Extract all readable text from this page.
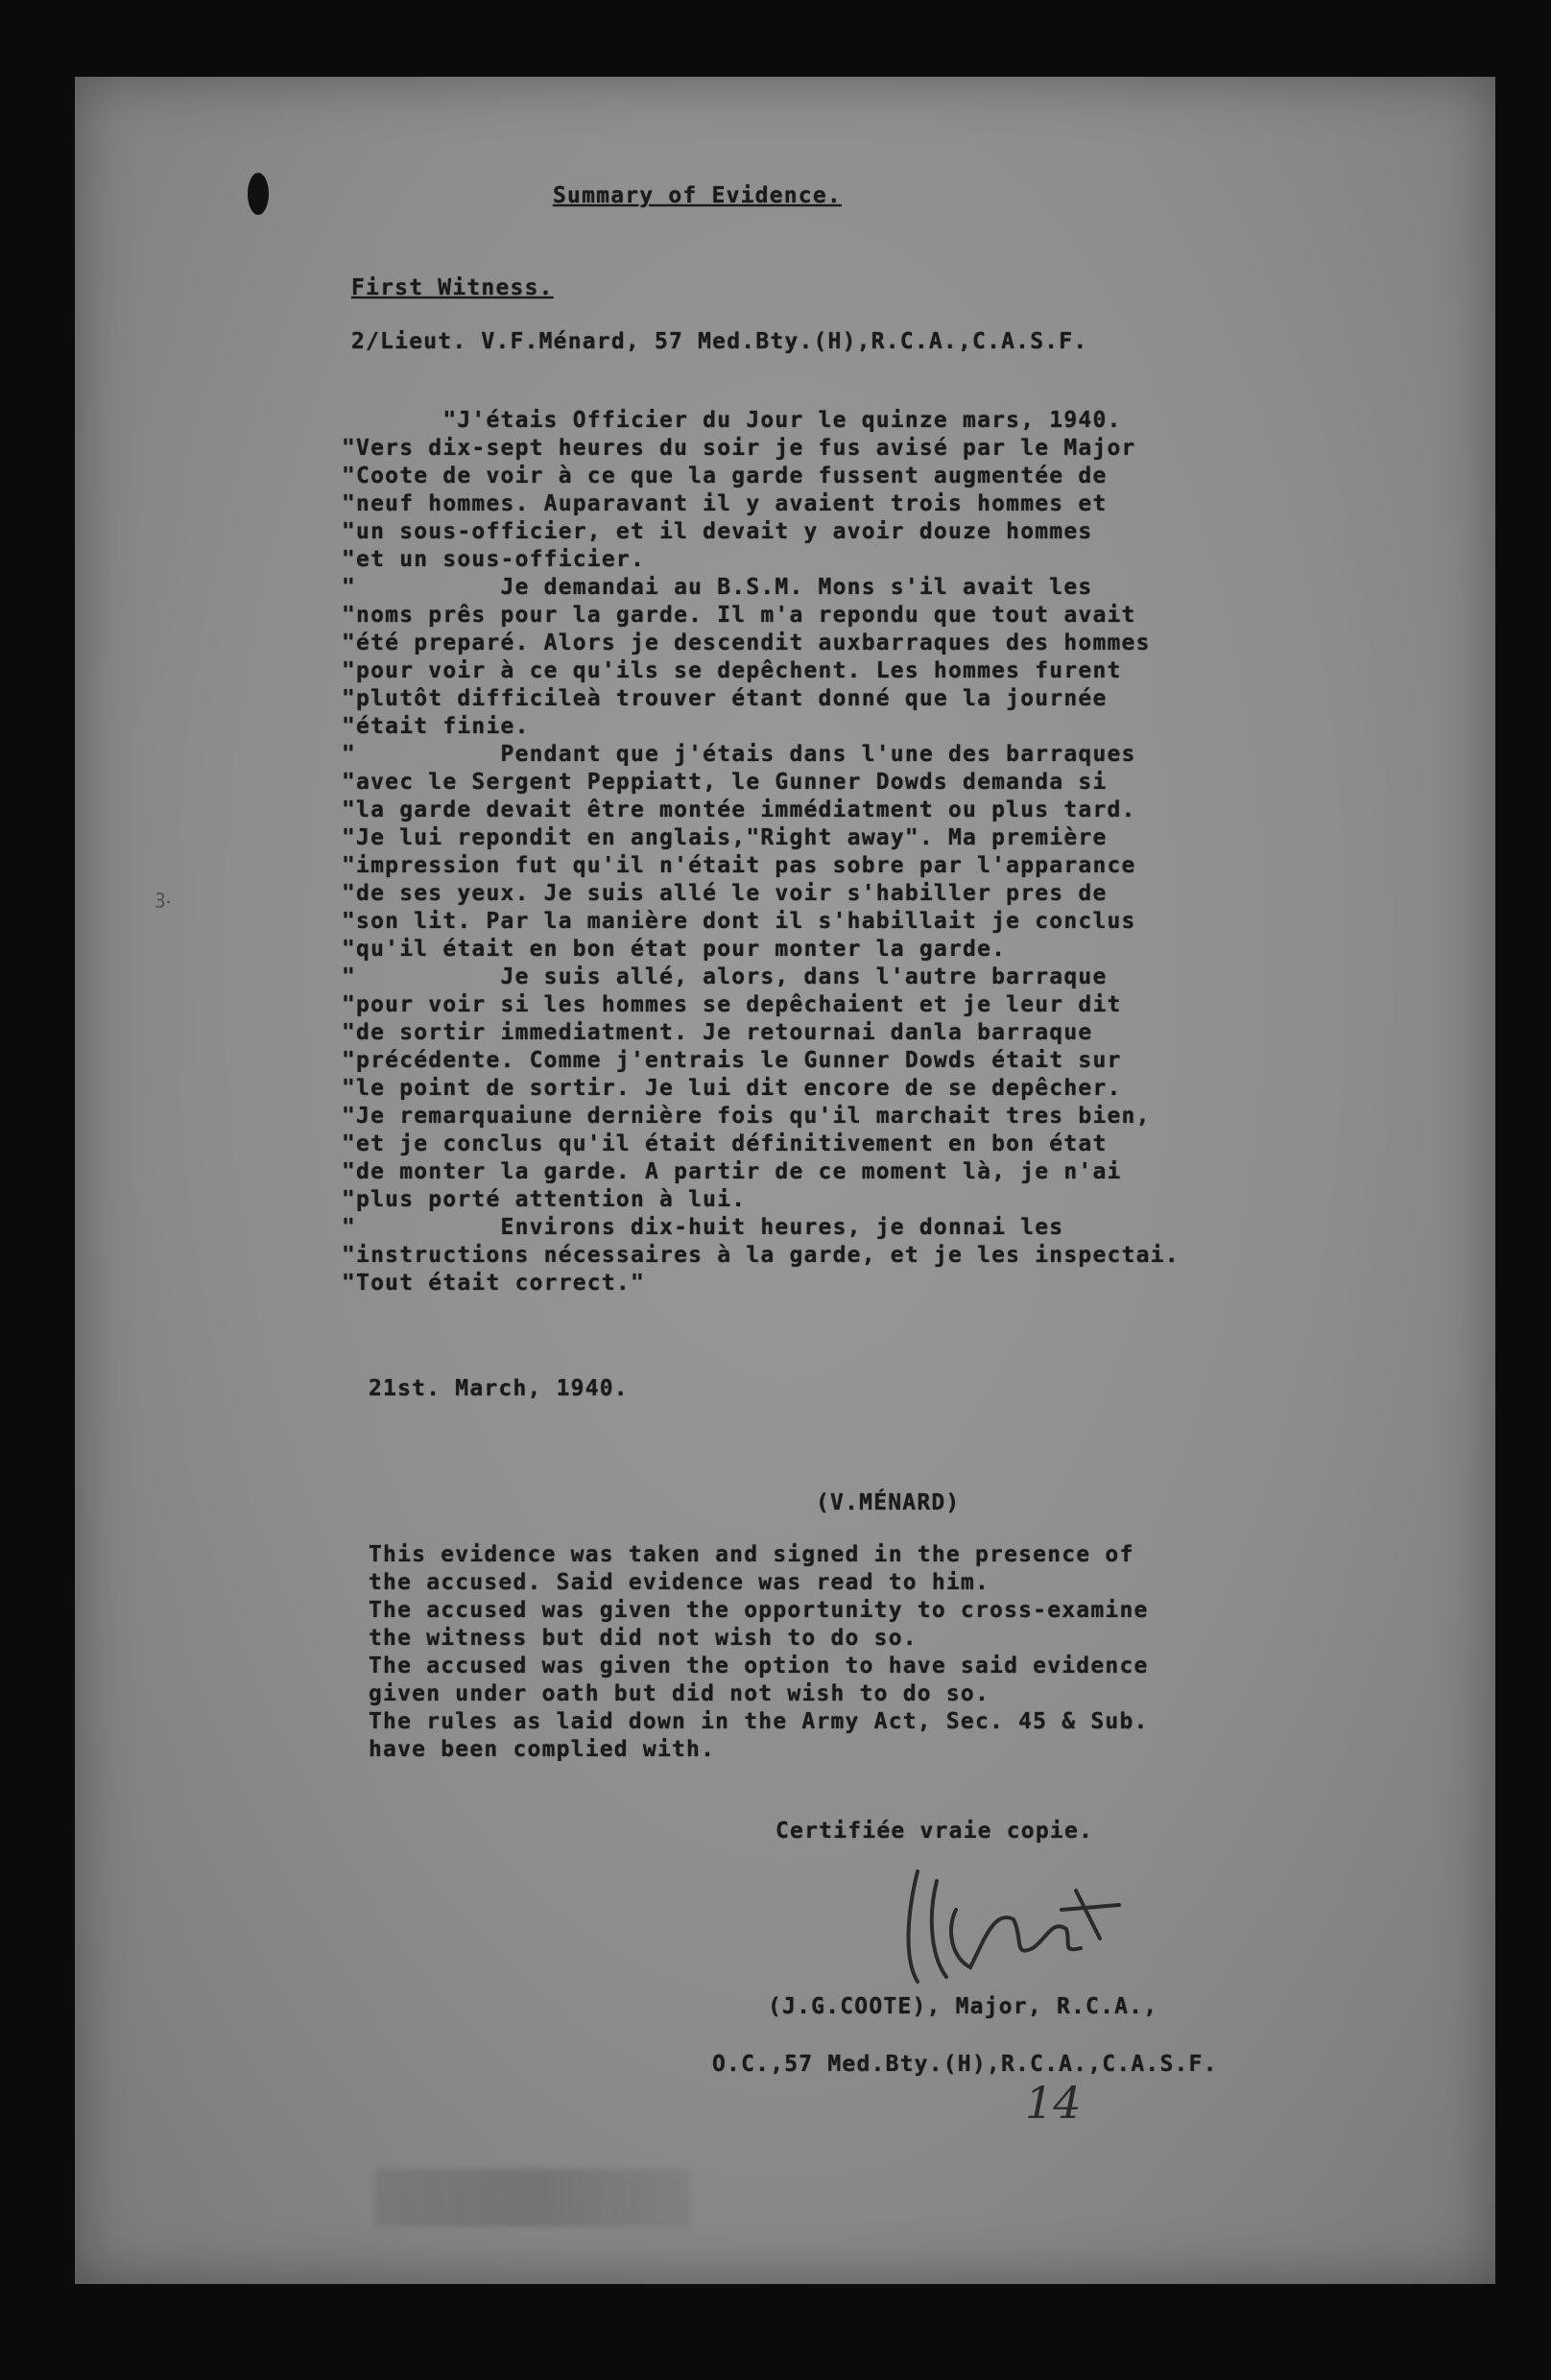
ꝫ.
Summary of Evidence.
First Witness.
2/Lieut. V.F.Ménard, 57 Med.Bty.(H),R.C.A.,C.A.S.F.
"J'étais Officier du Jour le quinze mars, 1940.
"Vers dix-sept heures du soir je fus avisé par le Major
"Coote de voir à ce que la garde fussent augmentée de
"neuf hommes. Auparavant il y avaient trois hommes et
"un sous-officier, et il devait y avoir douze hommes
"et un sous-officier.
"          Je demandai au B.S.M. Mons s'il avait les
"noms prês pour la garde. Il m'a repondu que tout avait
"été preparé. Alors je descendit auxbarraques des hommes
"pour voir à ce qu'ils se depêchent. Les hommes furent
"plutôt difficileà trouver étant donné que la journée
"était finie.
"          Pendant que j'étais dans l'une des barraques
"avec le Sergent Peppiatt, le Gunner Dowds demanda si
"la garde devait être montée immédiatment ou plus tard.
"Je lui repondit en anglais,"Right away". Ma première
"impression fut qu'il n'était pas sobre par l'apparance
"de ses yeux. Je suis allé le voir s'habiller pres de
"son lit. Par la manière dont il s'habillait je conclus
"qu'il était en bon état pour monter la garde.
"          Je suis allé, alors, dans l'autre barraque
"pour voir si les hommes se depêchaient et je leur dit
"de sortir immediatment. Je retournai danla barraque
"précédente. Comme j'entrais le Gunner Dowds était sur
"le point de sortir. Je lui dit encore de se depêcher.
"Je remarquaiune dernière fois qu'il marchait tres bien,
"et je conclus qu'il était définitivement en bon état
"de monter la garde. A partir de ce moment là, je n'ai
"plus porté attention à lui.
"          Environs dix-huit heures, je donnai les
"instructions nécessaires à la garde, et je les inspectai.
"Tout était correct."
21st. March, 1940.
(V.MÉNARD)
This evidence was taken and signed in the presence of
the accused. Said evidence was read to him.
The accused was given the opportunity to cross-examine
the witness but did not wish to do so.
The accused was given the option to have said evidence
given under oath but did not wish to do so.
The rules as laid down in the Army Act, Sec. 45 & Sub.
have been complied with.
Certifiée vraie copie.
(J.G.COOTE), Major, R.C.A.,
O.C.,57 Med.Bty.(H),R.C.A.,C.A.S.F.
14
